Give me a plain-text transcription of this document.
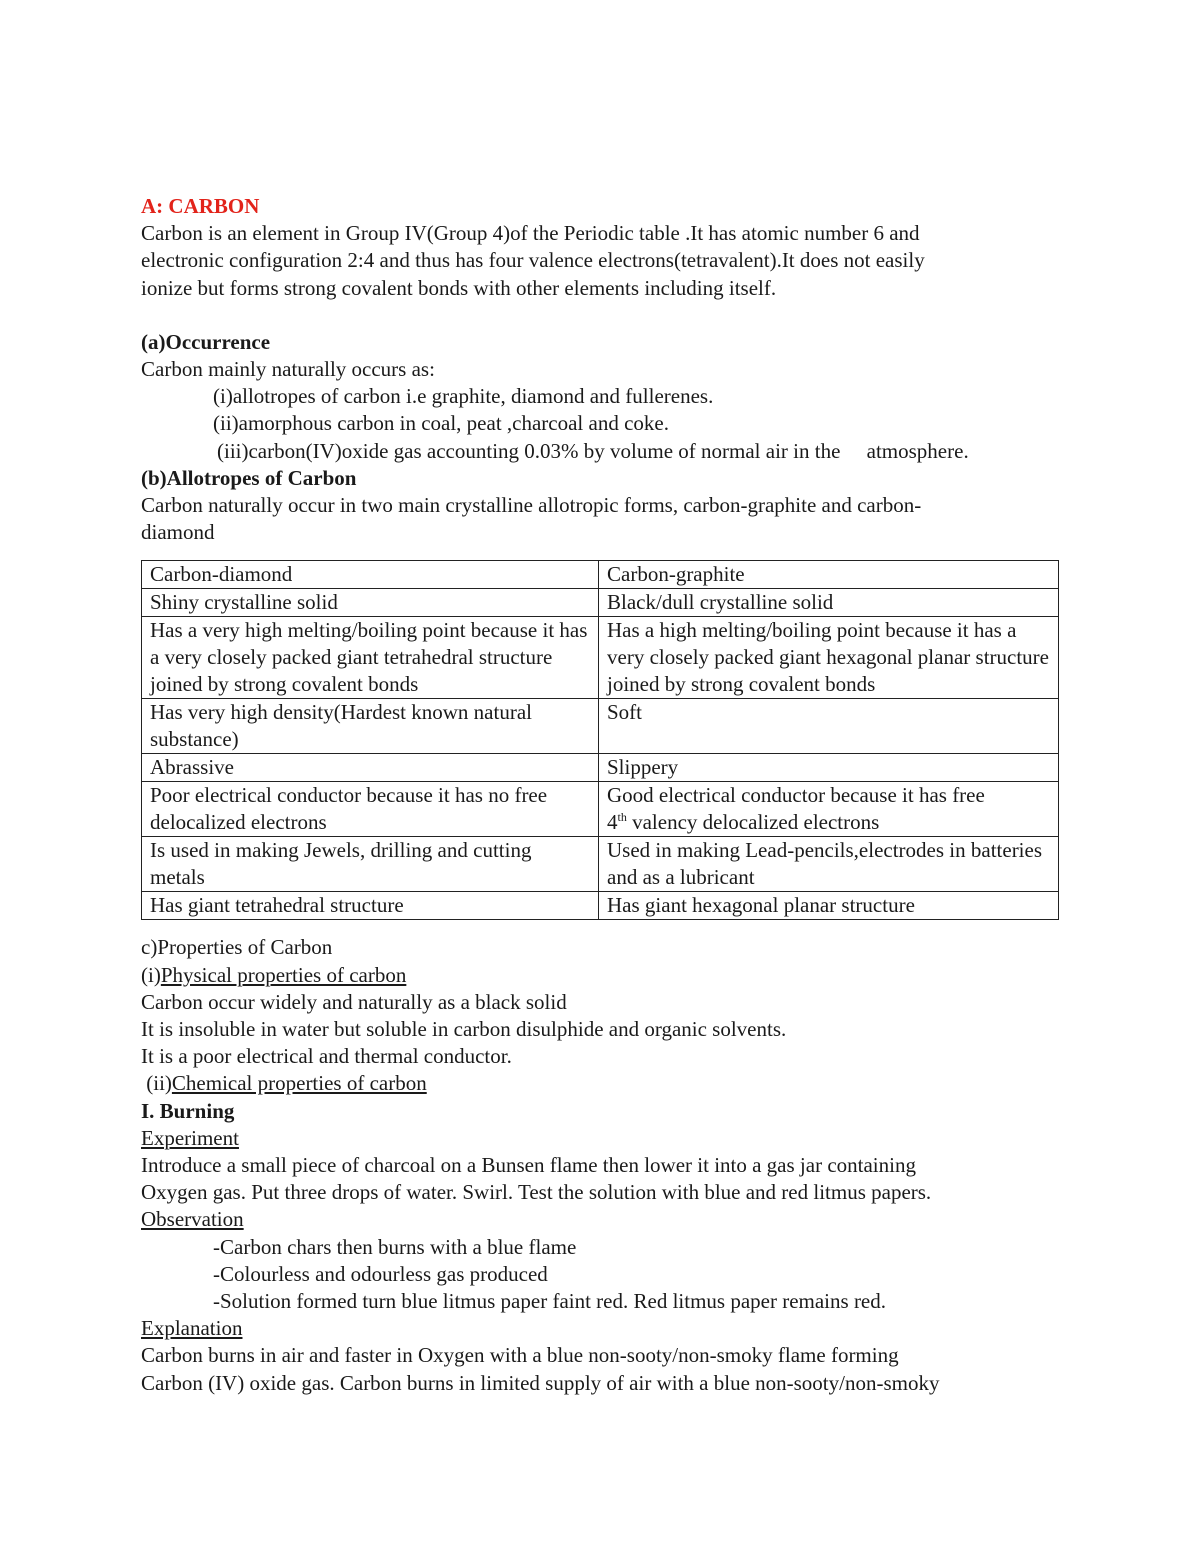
A: CARBON
Carbon is an element in Group IV(Group 4)of the Periodic table .It has atomic number 6 and
electronic configuration 2:4 and thus has four valence electrons(tetravalent).It does not easily
ionize but forms strong covalent bonds with other elements including itself.
(a)Occurrence
Carbon mainly naturally occurs as:
(i)allotropes of carbon i.e graphite, diamond and fullerenes.
(ii)amorphous carbon in coal, peat ,charcoal and coke.
(iii)carbon(IV)oxide gas accounting 0.03% by volume of normal air in the     atmosphere.
(b)Allotropes of Carbon
Carbon naturally occur in two main crystalline allotropic forms, carbon-graphite and carbon-
diamond
Carbon-diamond	Carbon-graphite
Shiny crystalline solid	Black/dull crystalline solid
Has a very high melting/boiling point because it has a very closely packed giant tetrahedral structure joined by strong covalent bonds	Has a high melting/boiling point because it has a very closely packed giant hexagonal planar structure joined by strong covalent bonds
Has very high density(Hardest known natural substance)	Soft
Abrassive	Slippery
Poor electrical conductor because it has no free delocalized electrons	Good electrical conductor because it has free
4th valency delocalized electrons
Is used in making Jewels, drilling and cutting metals	Used in making Lead-pencils,electrodes in batteries and as a lubricant
Has giant tetrahedral structure	Has giant hexagonal planar structure
c)Properties of Carbon
(i)Physical properties of carbon
Carbon occur widely and naturally as a black solid
It is insoluble in water but soluble in carbon disulphide and organic solvents.
It is a poor electrical and thermal conductor.
(ii)Chemical properties of carbon
I. Burning
Experiment
Introduce a small piece of charcoal on a Bunsen flame then lower it into a gas jar containing
Oxygen gas. Put three drops of water. Swirl. Test the solution with blue and red litmus papers.
Observation
-Carbon chars then burns with a blue flame
-Colourless and odourless gas produced
-Solution formed turn blue litmus paper faint red. Red litmus paper remains red.
Explanation
Carbon burns in air and faster in Oxygen with a blue non-sooty/non-smoky flame forming
Carbon (IV) oxide gas. Carbon burns in limited supply of air with a blue non-sooty/non-smoky
